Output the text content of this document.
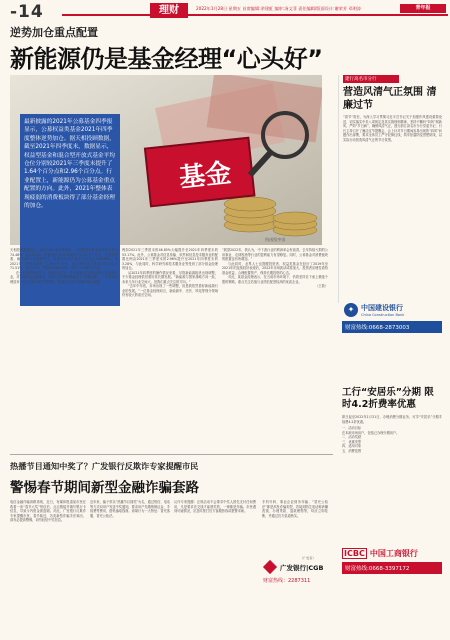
-14	理财	2022年1月28日 星期五 首席编辑:余建虹 编审:汤文菲 责任编辑/版面设计:谢荣芳 邓明涛	青年报
逆势加仓重点配置
新能源仍是基金经理“心头好”
基金
最新披露的2021年公募基金四季报显示，公募权益类基金2021年四季度整体逆势加仓。据天相投顾数据，截至2021年四季度末，数据显示，权益型基金和混合型开放式基金平均仓位分别较2021年三季度末提升了1.64个百分点和2.96个百分点。行业配置上，新能源仍为公募基金重点配置的方向。此外，2021年整体表现疲弱的消费板块得了部分基金经理的加仓。
图/视觉中国

天相投顾数据显示，截至2021年四季度末，公募权益类基金的平均仓位为74.48%，较2021年三季度末的71.93%提升了2.54个百分点。分类型来看，截至2021年四季度末，股票型开放式基金平均仓位为88.89%，较2021年三季度末提升了1.64个百分点，混合型开放式基金平均仓位为71.51%，较2021年三季度末的68.55%，提升了2.96个百分点。

在仓位调整的状态下，其能够在过去一年中抓取各自的投资机会并选择行业，对多数基金经理来说，2021年四季度数据在于“均衡配置”，一些基金经理放弃了此前“重仓押注”的策略，转而追求更为均衡的组合配置。

例如2021年三季度末的46.85%大幅提升至2021年四季度末的53.17%。此外，公募基金对信息传输、软件和信息技术服务业的配置比例由2021年三季度末的2.96%提升至2021年四季度末的3.28%，与此同时，科学研究和技术服务业等受到了部分基金经理的加仓。

从2021年四季度的操作情况来看，尽管新能源板块出现调整，不少基金经理依旧看好其长期发展。“新能源与国家战略方向一致，未来几年行业空间大，是我们重点关注的方向。”

“去年中年底，市场出现了一些调整，但是我依然看好新能源行业的发展。”一位基金经理坦言，新能源车、光伏、风电等细分领域仍有较大的成长空间。

“展望2022年，我认为，中下游行业的利润率会有改善，去年持续亏损的公用事业、农林牧渔等行业的盈利能力有望修复。同时，公募基金对消费板块的配置也有所增加。”

与此同时，业界人士也提醒投资者，权益类基金在经历了2019年至2021年的连续较好表现后，2022年市场波动或将加大，投资者应理性看待基金收益，合理配置资产，保持长期投资的心态。

对此，某基金经理表示，在当前市场环境下，仍将坚持自下而上精选个股的策略，重点关注估值与业绩匹配度较高的优质企业。

（王筱）

建行高名市分行
营造风清气正氛围 清廉过节
“春节”将至，为深入学习贯彻习近平总书记关于加强作风建设重要论述，切实落实中央八项规定及其实施细则精神，坚持不懈纠“四风”树新风，严防“节日病”，确保风清气正，建行浙江高名市分行党委书记、行长主持召开了廉洁过节提醒会，会上针对节日期间容易出现的“四风”问题作出部署，要求全体员工严守纪律红线，筑牢拒腐防变思想防线，以实际行动营造风清气正的节日氛围。
✦ 中国建设银行
China Construction Bank
财富热线:0668-2873003
工行“安居乐”分期 限时4.2折费率优惠
即日起至2022年1月31日，办理消费分期业务，可享“安居乐”分期手续费4.2折优惠。
一、活动目标
在本地市场用户，包括已办理分期用户。
二、活动奖励
三、优惠类型
四、适用对象
五、消费范围
ICBC 中国工商银行
财富热线:0668-3397172
热播节目通知中奖了？广发银行反欺诈专家提醒市民
警惕春节期间新型金融诈骗套路
电信金融诈骗套路再现，近日，有媒体报道某市民在收看一条“春节大奖”短信后，点击链接并填写银行卡信息，导致卡内资金被盗刷。对此，广发银行反欺诈专家提醒市民，春节临近，各类新型诈骗手法频出，请务必提高警惕，切勿轻信中奖信息。
近年来，骗子常以“热播节目抽奖”为名，通过短信、电话等方式向用户发送中奖通知，要求用户先缴纳保证金、手续费等费用，借机骗取钱财。高频行为一大特征：冒充客服、冒充公检法。
反诈专家提醒：正规活动不会要求中奖人预先支付任何费用，凡是要求先交钱才能领奖的，一律都是诈骗。市民遇到可疑情况，应及时拨打官方客服热线或报警求助。
手机号码、事业企业财务诈骗、“冒充公检法”都是高发诈骗类型，若接到陌生电话称涉嫌洗钱、办理贷款、退款理赔等，均应立即挂断，并通过官方渠道核实。
（广发宣）
广发银行|CGB
财富热线：2287311
